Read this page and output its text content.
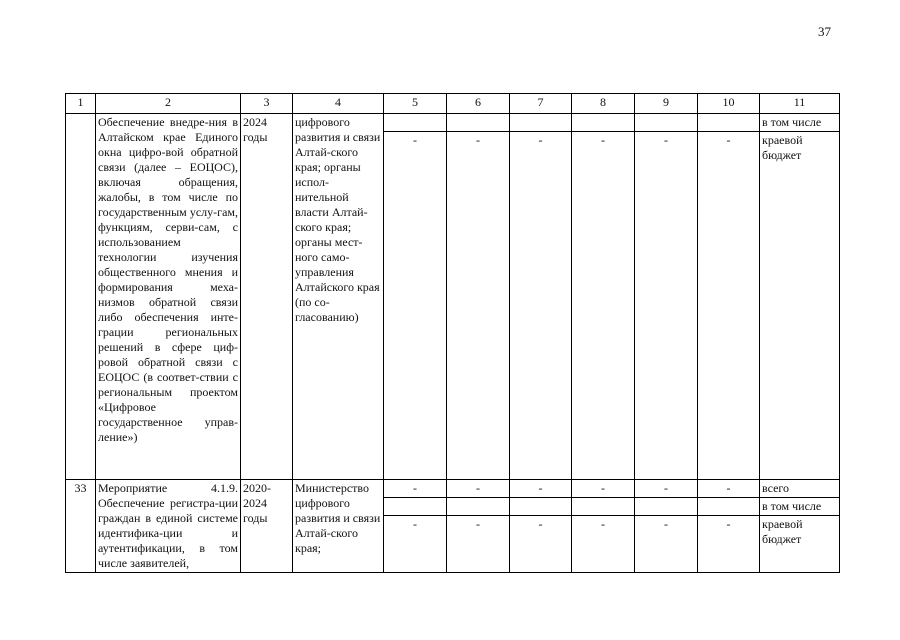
37
1	2	3	4	5	6	7	8	9	10	11
	Обеспечение внедре-ния в Алтайском крае Единого окна цифро-вой обратной связи (далее – ЕОЦОС), включая обращения, жалобы, в том числе по государственным услу-гам, функциям, серви-сам, с использованием технологии изучения общественного мнения и формирования меха-низмов обратной связи либо обеспечения инте-грации региональных решений в сфере циф-ровой обратной связи с ЕОЦОС (в соответ-ствии с региональным проектом «Цифровое государственное управ-ление»)	2024 годы	цифрового развития и связи Алтай-ского края; органы испол-нительной власти Алтай-ского края; органы мест-ного само-управления Алтайского края (по со-гласованию)							в том числе
				-	-	-	-	-	-	краевой бюджет
33	Мероприятие 4.1.9. Обеспечение регистра-ции граждан в единой системе идентифика-ции и аутентификации, в том числе заявителей,	2020-2024 годы	Министерство цифрового развития и связи Алтай-ского края;	-	-	-	-	-	-	всего
										в том числе
				-	-	-	-	-	-	краевой бюджет
